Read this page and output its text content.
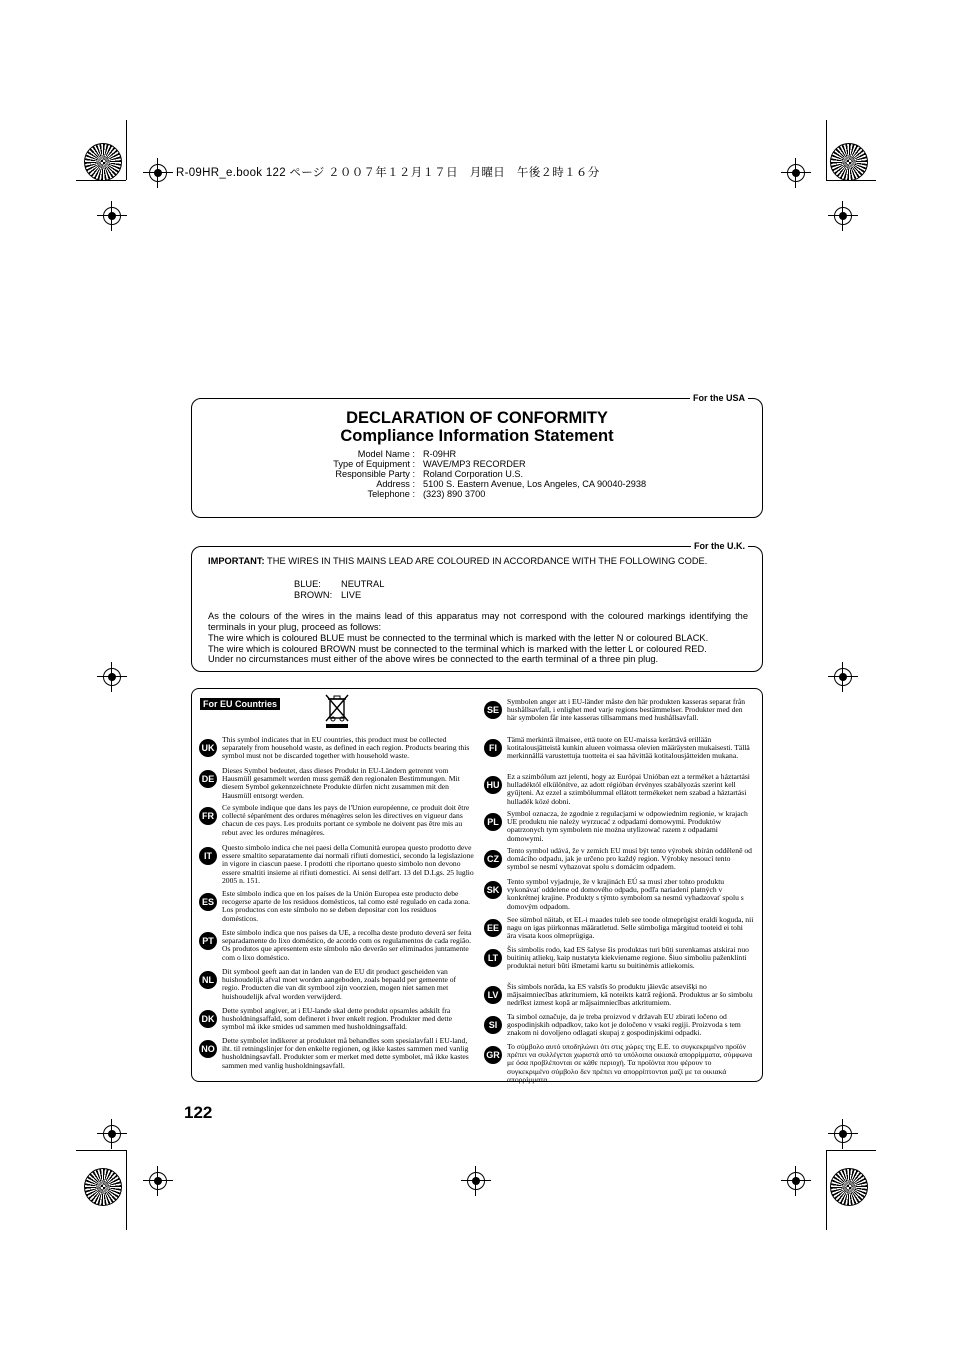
R-09HR_e.book 122 ページ ２００７年１２月１７日　月曜日　午後２時１６分
For the USA
DECLARATION OF CONFORMITY
Compliance Information Statement
Model Name : R-09HR
Type of Equipment : WAVE/MP3 RECORDER
Responsible Party : Roland Corporation U.S.
Address : 5100 S. Eastern Avenue, Los Angeles, CA 90040-2938
Telephone : (323) 890 3700
For the U.K.
IMPORTANT: THE WIRES IN THIS MAINS LEAD ARE COLOURED IN ACCORDANCE WITH THE FOLLOWING CODE.
BLUE: NEUTRAL
BROWN: LIVE
As the colours of the wires in the mains lead of this apparatus may not correspond with the coloured markings identifying the terminals in your plug, proceed as follows:
The wire which is coloured BLUE must be connected to the terminal which is marked with the letter N or coloured BLACK.
The wire which is coloured BROWN must be connected to the terminal which is marked with the letter L or coloured RED.
Under no circumstances must either of the above wires be connected to the earth terminal of a three pin plug.
For EU Countries
UK
This symbol indicates that in EU countries, this product must be collected separately from household waste, as defined in each region. Products bearing this symbol must not be discarded together with household waste.
DE
Dieses Symbol bedeutet, dass dieses Produkt in EU-Ländern getrennt vom Hausmüll gesammelt werden muss gemäß den regionalen Bestimmungen. Mit diesem Symbol gekennzeichnete Produkte dürfen nicht zusammen mit den Hausmüll entsorgt werden.
FR
Ce symbole indique que dans les pays de l'Union européenne, ce produit doit être collecté séparément des ordures ménagères selon les directives en vigueur dans chacun de ces pays. Les produits portant ce symbole ne doivent pas être mis au rebut avec les ordures ménagères.
IT
Questo simbolo indica che nei paesi della Comunità europea questo prodotto deve essere smaltito separatamente dai normali rifiuti domestici, secondo la legislazione in vigore in ciascun paese. I prodotti che riportano questo simbolo non devono essere smaltiti insieme ai rifiuti domestici. Ai sensi dell'art. 13 del D.Lgs. 25 luglio 2005 n. 151.
ES
Este símbolo indica que en los países de la Unión Europea este producto debe recogerse aparte de los residuos domésticos, tal como esté regulado en cada zona. Los productos con este símbolo no se deben depositar con los residuos domésticos.
PT
Este símbolo indica que nos países da UE, a recolha deste produto deverá ser feita separadamente do lixo doméstico, de acordo com os regulamentos de cada região. Os produtos que apresentem este símbolo não deverão ser eliminados juntamente com o lixo doméstico.
NL
Dit symbool geeft aan dat in landen van de EU dit product gescheiden van huishoudelijk afval moet worden aangeboden, zoals bepaald per gemeente of regio. Producten die van dit symbool zijn voorzien, mogen niet samen met huishoudelijk afval worden verwijderd.
DK
Dette symbol angiver, at i EU-lande skal dette produkt opsamles adskilt fra husholdningsaffald, som defineret i hver enkelt region. Produkter med dette symbol må ikke smides ud sammen med husholdningsaffald.
NO
Dette symbolet indikerer at produktet må behandles som spesialavfall i EU-land, iht. til retningslinjer for den enkelte regionen, og ikke kastes sammen med vanlig husholdningsavfall. Produkter som er merket med dette symbolet, må ikke kastes sammen med vanlig husholdningsavfall.
SE
Symbolen anger att i EU-länder måste den här produkten kasseras separat från hushållsavfall, i enlighet med varje regions bestämmelser. Produkter med den här symbolen får inte kasseras tillsammans med hushållsavfall.
FI
Tämä merkintä ilmaisee, että tuote on EU-maissa kerättävä erillään kotitalousjätteistä kunkin alueen voimassa olevien määräysten mukaisesti. Tällä merkinnällä varustettuja tuotteita ei saa hävittää kotitalousjätteiden mukana.
HU
Ez a szimbólum azt jelenti, hogy az Európai Unióban ezt a terméket a háztartási hulladéktól elkülönítve, az adott régióban érvényes szabályozás szerint kell gyűjteni. Az ezzel a szimbólummal ellátott termékeket nem szabad a háztartási hulladék közé dobni.
PL
Symbol oznacza, że zgodnie z regulacjami w odpowiednim regionie, w krajach UE produktu nie należy wyrzucać z odpadami domowymi. Produktów opatrzonych tym symbolem nie można utylizować razem z odpadami domowymi.
CZ
Tento symbol udává, že v zemích EU musí být tento výrobek sbírán odděleně od domácího odpadu, jak je určeno pro každý region. Výrobky nesoucí tento symbol se nesmí vyhazovat spolu s domácím odpadem.
SK
Tento symbol vyjadruje, že v krajinách EÚ sa musí zber tohto produktu vykonávať oddelene od domového odpadu, podľa nariadení platných v konkrétnej krajine. Produkty s týmto symbolom sa nesmú vyhadzovať spolu s domovým odpadom.
EE
See sümbol näitab, et EL-i maades tuleb see toode olmeprügist eraldi koguda, nii nagu on igas piirkonnas määratletud. Selle sümboliga märgitud tooteid ei tohi ära visata koos olmeprügiga.
LT
Šis simbolis rodo, kad ES šalyse šis produktas turi būti surenkamas atskirai nuo buitinių atliekų, kaip nustatyta kiekviename regione. Šiuo simboliu paženklinti produktai neturi būti išmetami kartu su buitinėmis atliekomis.
LV
Šis simbols norāda, ka ES valstīs šo produktu jāievāc atsevišķi no mājsaimniecības atkritumiem, kā noteikts katrā reģionā. Produktus ar šo simbolu nedrīkst izmest kopā ar mājsaimniecības atkritumiem.
SI
Ta simbol označuje, da je treba proizvod v državah EU zbirati ločeno od gospodinjskih odpadkov, tako kot je določeno v vsaki regiji. Proizvoda s tem znakom ni dovoljeno odlagati skupaj z gospodinjskimi odpadki.
GR
Το σύμβολο αυτό υποδηλώνει ότι στις χώρες της Ε.Ε. το συγκεκριμένο προϊόν πρέπει να συλλέγεται χωριστά από τα υπόλοιπα οικιακά απορρίμματα, σύμφωνα με όσα προβλέπονται σε κάθε περιοχή. Τα προϊόντα που φέρουν το συγκεκριμένο σύμβολο δεν πρέπει να απορρίπτονται μαζί με τα οικιακά απορρίμματα.
122
